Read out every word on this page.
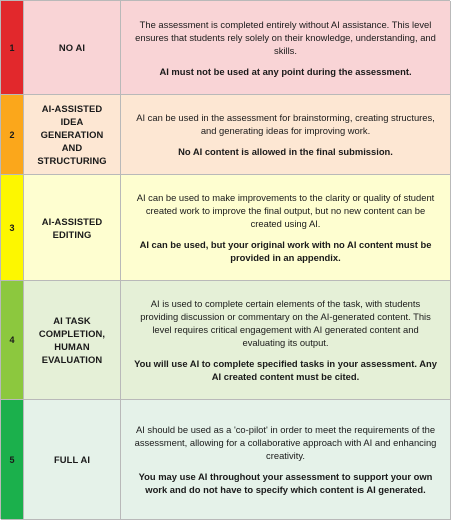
1	NO AI

The assessment is completed entirely without AI assistance. This level ensures that students rely solely on their knowledge, understanding, and skills.

AI must not be used at any point during the assessment.

2
AI-ASSISTED IDEA GENERATION AND STRUCTURING

AI can be used in the assessment for brainstorming, creating structures, and generating ideas for improving work.

No AI content is allowed in the final submission.

3
AI-ASSISTED EDITING

AI can be used to make improvements to the clarity or quality of student created work to improve the final output, but no new content can be created using AI.

AI can be used, but your original work with no AI content must be provided in an appendix.

4
AI TASK COMPLETION, HUMAN EVALUATION

AI is used to complete certain elements of the task, with students providing discussion or commentary on the AI-generated content. This level requires critical engagement with AI generated content and evaluating its output.

You will use AI to complete specified tasks in your assessment. Any AI created content must be cited.

5	FULL AI

AI should be used as a 'co-pilot' in order to meet the requirements of the assessment, allowing for a collaborative approach with AI and enhancing creativity.

You may use AI throughout your assessment to support your own work and do not have to specify which content is AI generated.
